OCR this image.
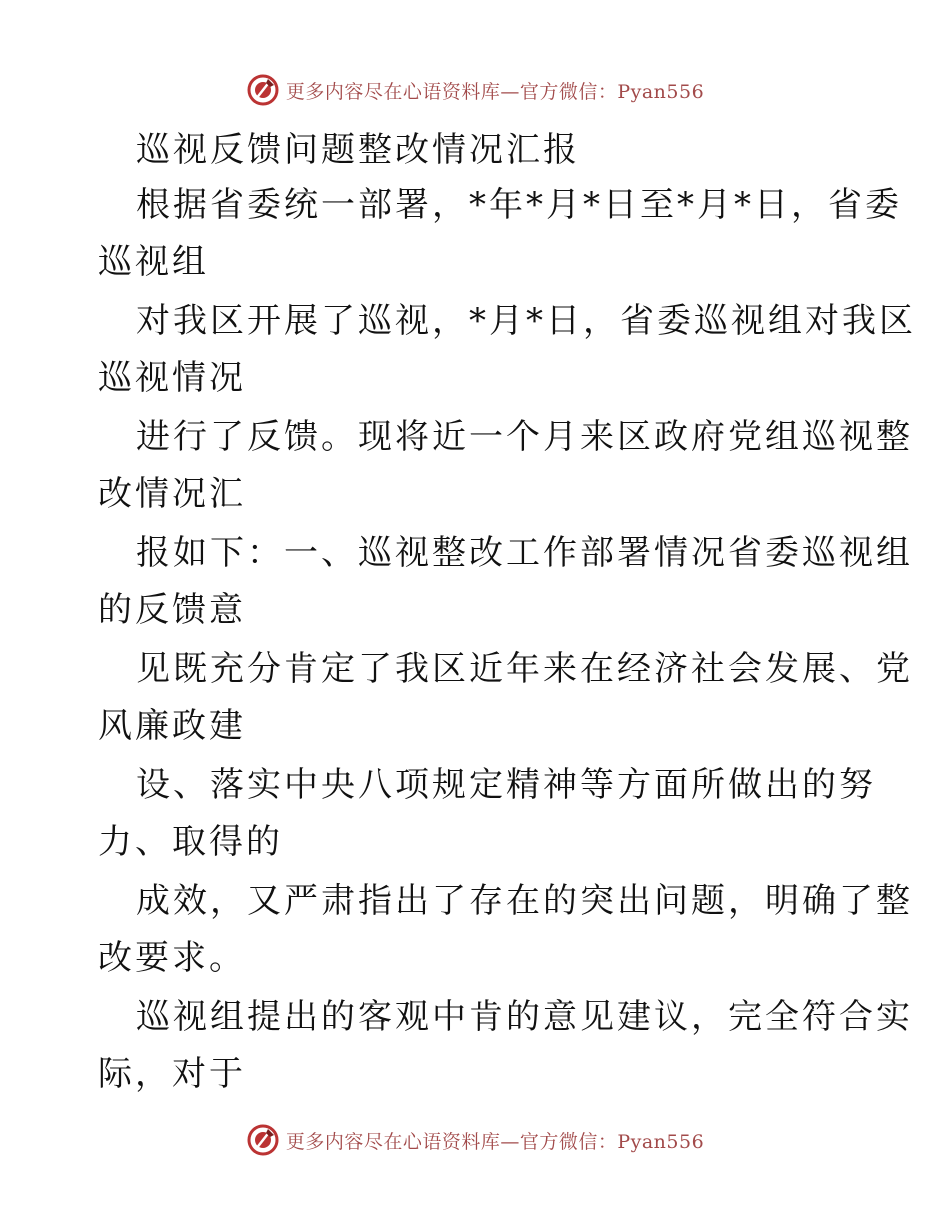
更多内容尽在心语资料库—官方微信：Pyan556
巡视反馈问题整改情况汇报
根据省委统一部署，*年*月*日至*月*日，省委
巡视组
对我区开展了巡视，*月*日，省委巡视组对我区
巡视情况
进行了反馈。现将近一个月来区政府党组巡视整
改情况汇
报如下：一、巡视整改工作部署情况省委巡视组
的反馈意
见既充分肯定了我区近年来在经济社会发展、党
风廉政建
设、落实中央八项规定精神等方面所做出的努
力、取得的
成效，又严肃指出了存在的突出问题，明确了整
改要求。
巡视组提出的客观中肯的意见建议，完全符合实
际，对于
更多内容尽在心语资料库—官方微信：Pyan556
